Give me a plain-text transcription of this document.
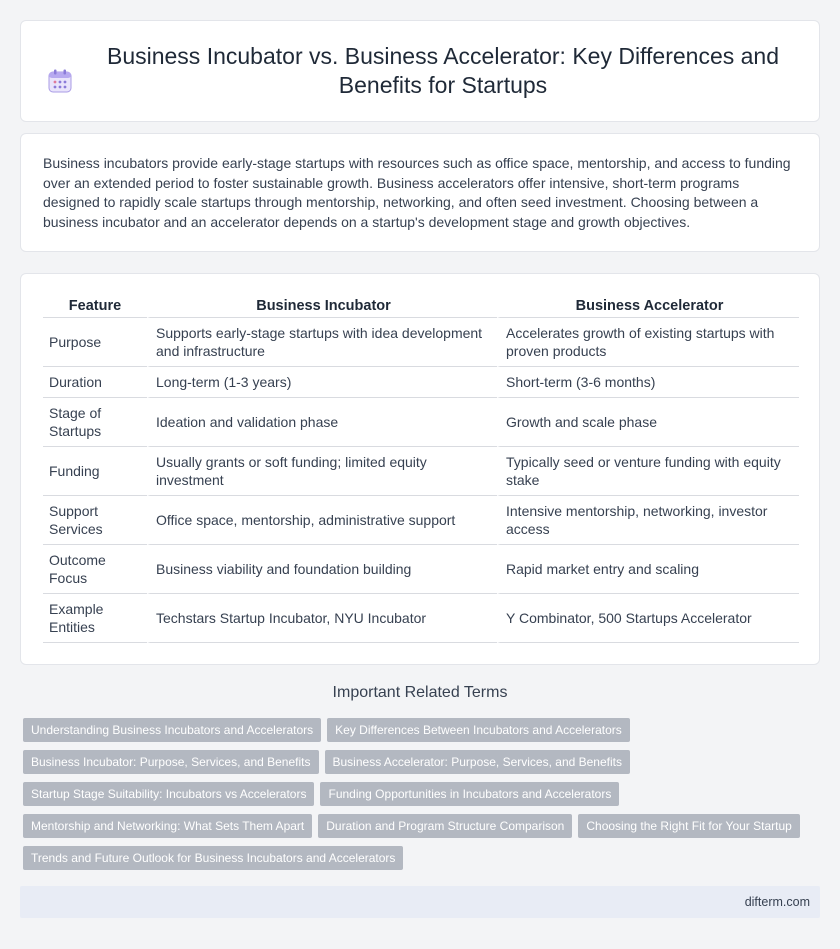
Business Incubator vs. Business Accelerator: Key Differences and Benefits for Startups

Business incubators provide early-stage startups with resources such as office space, mentorship, and access to funding over an extended period to foster sustainable growth. Business accelerators offer intensive, short-term programs designed to rapidly scale startups through mentorship, networking, and often seed investment. Choosing between a business incubator and an accelerator depends on a startup's development stage and growth objectives.

Feature	Business Incubator	Business Accelerator
Purpose	Supports early-stage startups with idea development and infrastructure	Accelerates growth of existing startups with proven products
Duration	Long-term (1-3 years)	Short-term (3-6 months)
Stage of Startups	Ideation and validation phase	Growth and scale phase
Funding	Usually grants or soft funding; limited equity investment	Typically seed or venture funding with equity stake
Support Services	Office space, mentorship, administrative support	Intensive mentorship, networking, investor access
Outcome Focus	Business viability and foundation building	Rapid market entry and scaling
Example Entities	Techstars Startup Incubator, NYU Incubator	Y Combinator, 500 Startups Accelerator
Important Related Terms
Understanding Business Incubators and Accelerators	Key Differences Between Incubators and Accelerators
Business Incubator: Purpose, Services, and Benefits	Business Accelerator: Purpose, Services, and Benefits
Startup Stage Suitability: Incubators vs Accelerators	Funding Opportunities in Incubators and Accelerators
Mentorship and Networking: What Sets Them Apart	Duration and Program Structure Comparison	Choosing the Right Fit for Your Startup
Trends and Future Outlook for Business Incubators and Accelerators
difterm.com
